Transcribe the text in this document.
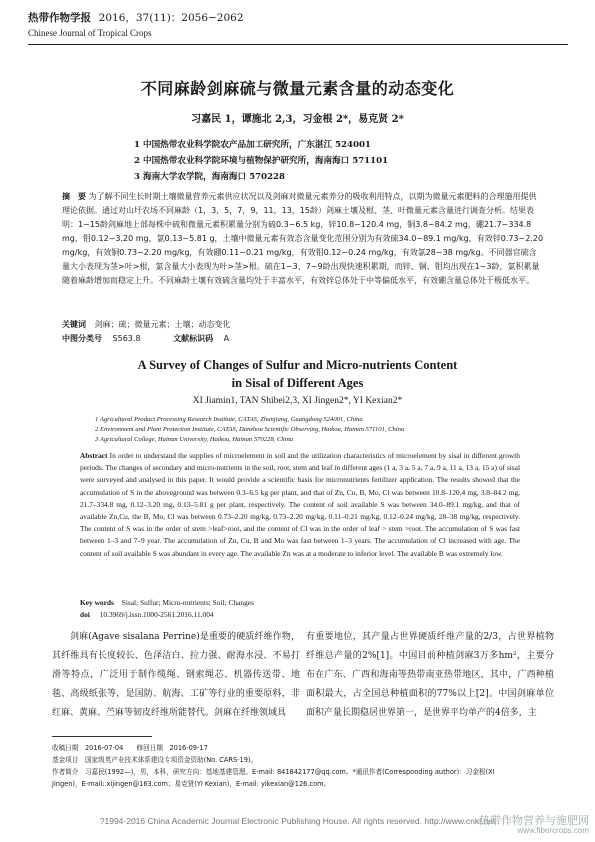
热带作物学报 2016，37(11)：2056−2062
Chinese Journal of Tropical Crops
不同麻龄剑麻硫与微量元素含量的动态变化
习嘉民 1，谭施北 2,3，习金根 2*，易克贤 2*
1 中国热带农业科学院农产品加工研究所，广东湛江 524001
2 中国热带农业科学院环境与植物保护研究所，海南海口 571101
3 海南大学农学院，海南海口 570228
摘　要 为了解不同生长时期土壤微量营养元素供应状况以及剑麻对微量元素养分的吸收利用特点，以期为微量元素肥料的合理施用提供理论依据。通过对山圩农场不同麻龄（1，3，5，7，9，11，13，15龄）剑麻土壤及根、茎、叶微量元素含量进行调查分析。结果表明：1~15龄剑麻地上部每株中硫和微量元素积累量分别为硫0.3~6.5 kg，锌10.8~120.4 mg，铜3.8~84.2 mg，硼21.7~334.8 mg，钼0.12~3.20 mg，氯0.13~5.81 g，土壤中微量元素有效态含量变化范围分别为有效硫34.0~89.1 mg/kg，有效锌0.73~2.20 mg/kg，有效铜0.73~2.20 mg/kg，有效硼0.11~0.21 mg/kg，有效钼0.12~0.24 mg/kg，有效氯28~38 mg/kg。不同器官硫含量大小表现为茎>叶>根，氯含量大小表现为叶>茎>根。硫在1~3、7~9龄出现快速积累期，而锌、铜、钼均出现在1~3龄，氯积累量随着麻龄增加而稳定上升。不同麻龄土壤有效硫含量均处于丰富水平，有效锌总体处于中等偏低水平，有效硼含量总体处于极低水平。
关键词 剑麻；硫；微量元素；土壤；动态变化
中图分类号 S563.8	文献标识码 A
A Survey of Changes of Sulfur and Micro-nutrients Content
in Sisal of Different Ages
XI Jiamin1, TAN Shibei2,3, XI Jingen2*, YI Kexian2*
1 Agricultural Product Processing Research Institute, CATAS, Zhanjiang, Guangdong 524001, China
2 Environment and Plant Protection Institute, CATAS, Danzhou Scientific Observing, Haikou, Hainan 571101, China
3 Agricultural College, Hainan University, Haikou, Hainan 570228, China
Abstract In order to understand the supplies of microelement in soil and the utilization characteristics of microelement by sisal in different growth periods. The changes of secondary and micro-nutrients in the soil, root, stem and leaf in different ages (1 a, 3 a, 5 a, 7 a, 9 a, 11 a, 13 a, 15 a) of sisal were surveyed and analysed in this paper. It would provide a scientific basis for micronutrients fertilizer application. The results showed that the accumulation of S in the aboveground was between 0.3–6.5 kg per plant, and that of Zn, Cu, B, Mo, Cl was between 10.8–120.4 mg, 3.8–84.2 mg, 21.7–334.8 mg, 0.12–3.20 mg, 0.13–5.81 g per plant, respectively. The content of soil available S was between 34.0–89.1 mg/kg, and that of available Zn,Cu, the B, Mo, Cl was between 0.73–2.20 mg/kg, 0.73–2.20 mg/kg, 0.11–0.21 mg/kg, 0.12–0.24 mg/kg, 28–38 mg/kg, respectively. The content of S was in the order of stem >leaf>root, and the content of Cl was in the order of leaf > stem >root. The accumulation of S was fast between 1–3 and 7–9 year. The accumulation of Zn, Cu, B and Mo was fast between 1–3 years. The accumulation of Cl increased with age. The content of soil available S was abundant in every age. The available Zn was at a moderate to inferior level. The available B was extremely low.
Key words Sisal; Sulfur; Micro-nutrients; Soil; Changes
doi 10.3969/j.issn.1000-2561.2016.11.004
剑麻(Agave sisalana Perrine)是重要的硬质纤维作物，其纤维具有长度较长、色泽洁白、拉力强、耐海水浸、不易打滑等特点，广泛用于制作缆绳、钢索绳芯、机器传送带、地毯、高级纸张等，是国防、航海、工矿等行业的重要原料，非红麻、黄麻、苎麻等韧皮纤维所能替代。剑麻在纤维领域具
有重要地位，其产量占世界硬质纤维产量的2/3，占世界植物纤维总产量的2%[1]。中国目前种植剑麻3万多hm²，主要分布在广东、广西和海南等热带南亚热带地区，其中，广西种植面积最大，占全国总种植面积的77%以上[2]。中国剑麻单位面积产量长期稳居世界第一，是世界平均单产的4倍多，主
收稿日期　2016-07-04　　修回日期　2016-09-17
基金项目　国家级英产业技术体系建设专项资金资助(No. CARS-19)。
作者简介　习嘉民(1992—)，男，本科，研究方向：基地基建管理。E-mail: 841842177@qq.com。*通讯作者(Corresponding author)：习金根(XI
Jingen)，E-mail: xijingen@163.com；易克贤(YI Kexian)，E-mail: yikexian@126.com。
?1994-2016 China Academic Journal Electronic Publishing House. All rights reserved. http://www.cnki.net
热带作物营养与施肥网
www.fibercrops.com
